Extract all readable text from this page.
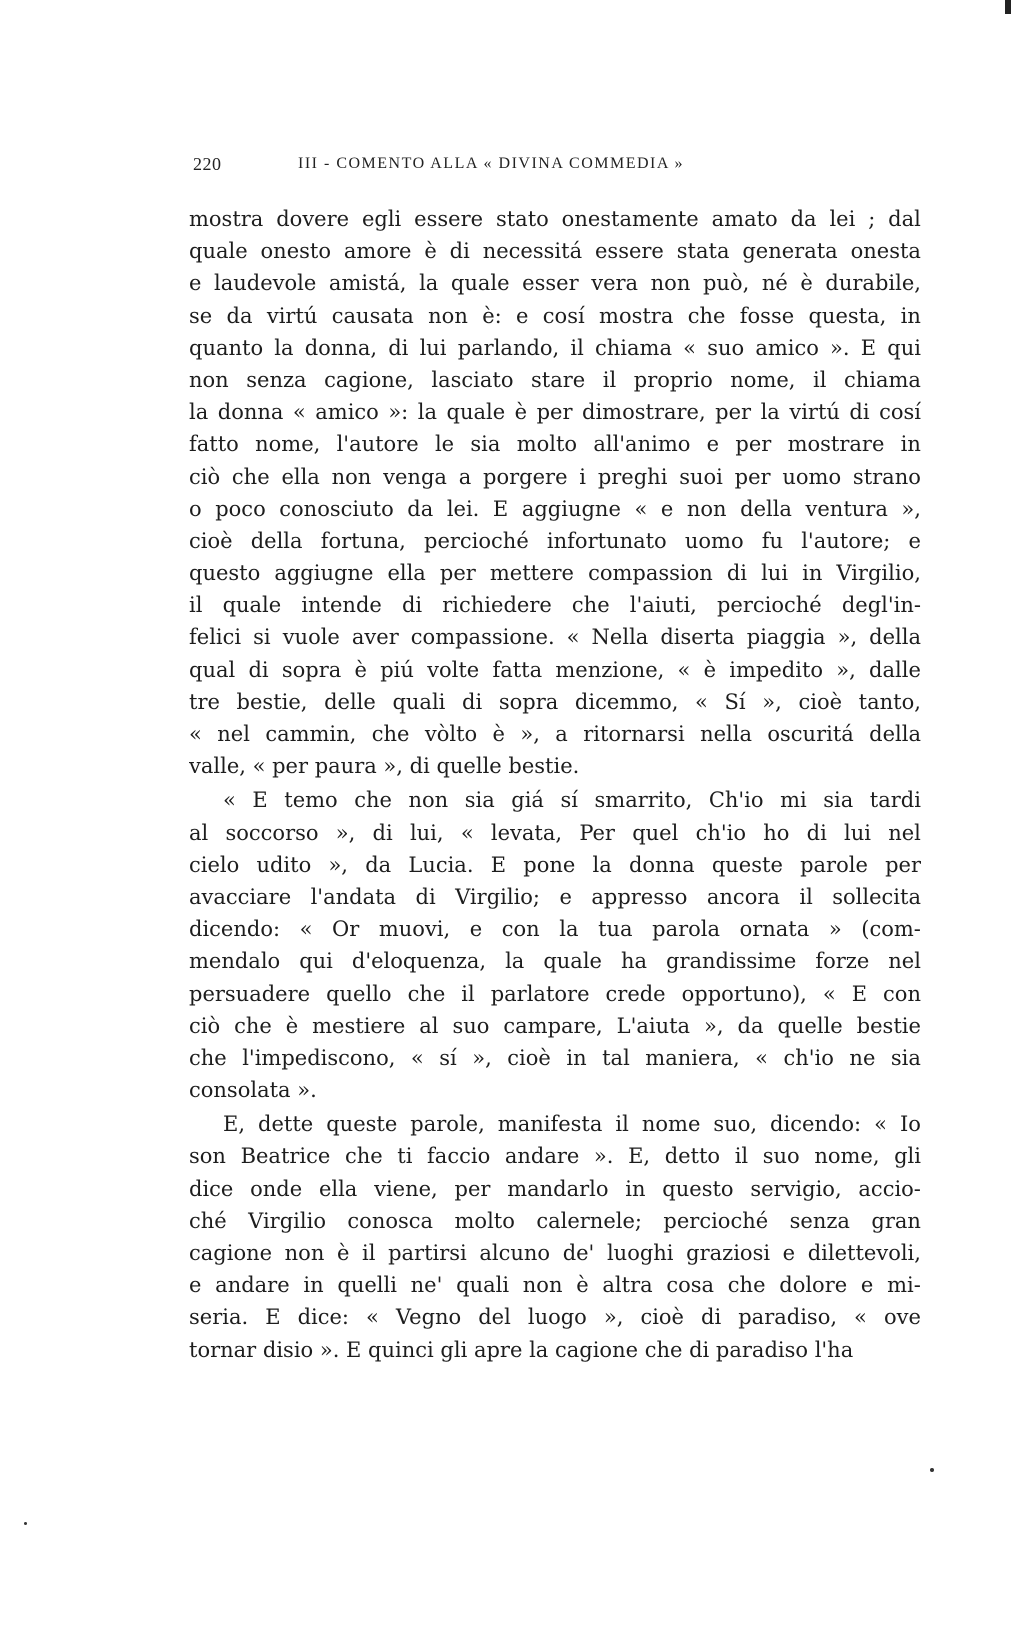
220	III - COMENTO ALLA « DIVINA COMMEDIA »
mostra dovere egli essere stato onestamente amato da lei ; dal
quale onesto amore è di necessitá essere stata generata onesta
e laudevole amistá, la quale esser vera non può, né è durabile,
se da virtú causata non è: e cosí mostra che fosse questa, in
quanto la donna, di lui parlando, il chiama « suo amico ». E qui
non senza cagione, lasciato stare il proprio nome, il chiama
la donna « amico »: la quale è per dimostrare, per la virtú di cosí
fatto nome, l'autore le sia molto all'animo e per mostrare in
ciò che ella non venga a porgere i preghi suoi per uomo strano
o poco conosciuto da lei. E aggiugne « e non della ventura »,
cioè della fortuna, percioché infortunato uomo fu l'autore; e
questo aggiugne ella per mettere compassion di lui in Virgilio,
il quale intende di richiedere che l'aiuti, percioché degl'in-
felici si vuole aver compassione. « Nella diserta piaggia », della
qual di sopra è piú volte fatta menzione, « è impedito », dalle
tre bestie, delle quali di sopra dicemmo, « Sí », cioè tanto,
« nel cammin, che vòlto è », a ritornarsi nella oscuritá della
valle, « per paura », di quelle bestie.
« E temo che non sia giá sí smarrito, Ch'io mi sia tardi
al soccorso », di lui, « levata, Per quel ch'io ho di lui nel
cielo udito », da Lucia. E pone la donna queste parole per
avacciare l'andata di Virgilio; e appresso ancora il sollecita
dicendo: « Or muovi, e con la tua parola ornata » (com-
mendalo qui d'eloquenza, la quale ha grandissime forze nel
persuadere quello che il parlatore crede opportuno), « E con
ciò che è mestiere al suo campare, L'aiuta », da quelle bestie
che l'impediscono, « sí », cioè in tal maniera, « ch'io ne sia
consolata ».
E, dette queste parole, manifesta il nome suo, dicendo: « Io
son Beatrice che ti faccio andare ». E, detto il suo nome, gli
dice onde ella viene, per mandarlo in questo servigio, accio-
ché Virgilio conosca molto calernele; percioché senza gran
cagione non è il partirsi alcuno de' luoghi graziosi e dilettevoli,
e andare in quelli ne' quali non è altra cosa che dolore e mi-
seria. E dice: « Vegno del luogo », cioè di paradiso, « ove
tornar disio ». E quinci gli apre la cagione che di paradiso l'ha
